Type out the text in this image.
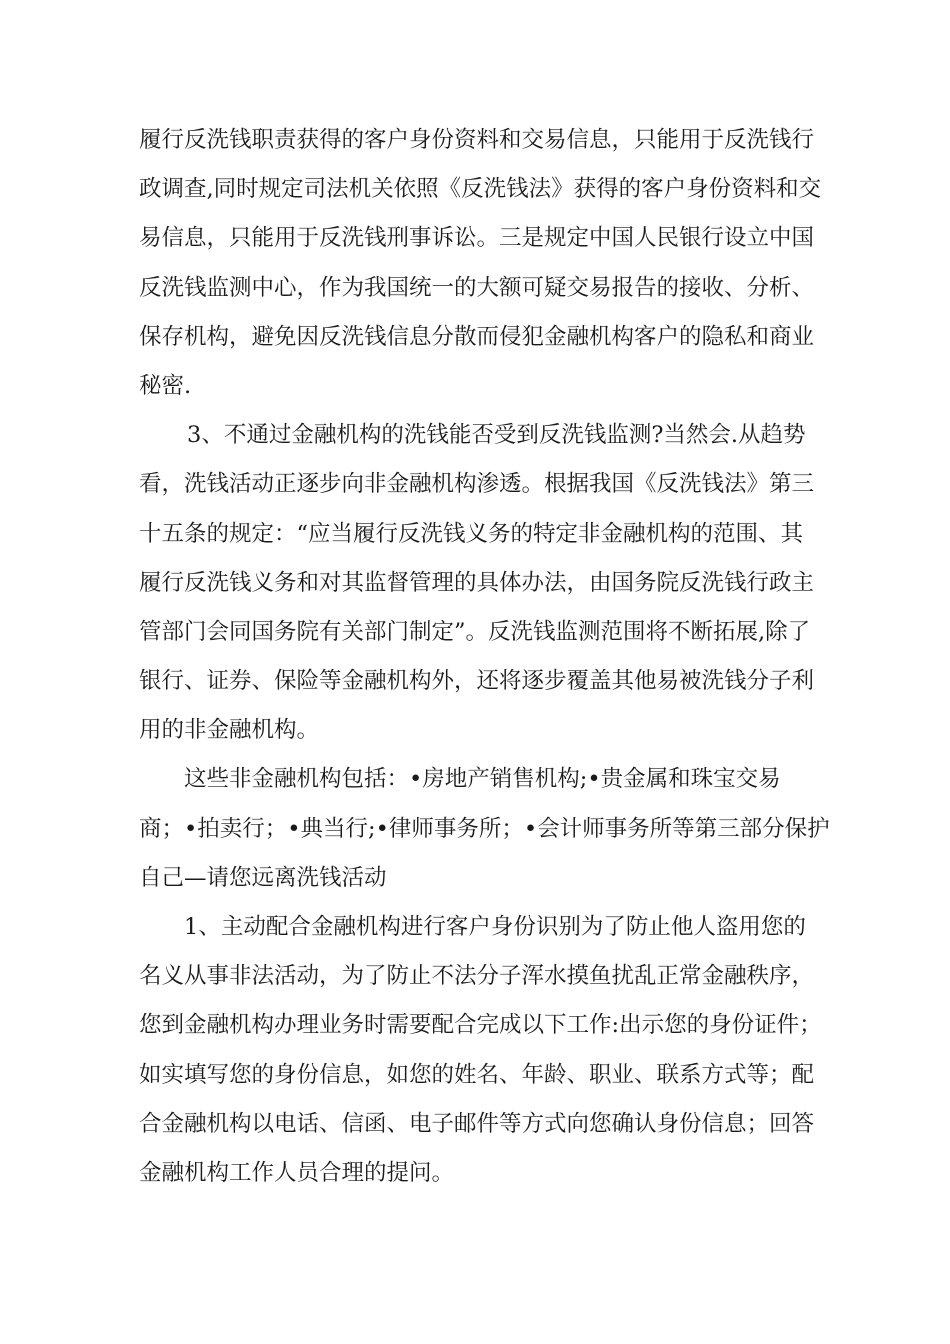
履行反洗钱职责获得的客户身份资料和交易信息，只能用于反洗钱行
政调查,同时规定司法机关依照《反洗钱法》获得的客户身份资料和交
易信息，只能用于反洗钱刑事诉讼。三是规定中国人民银行设立中国
反洗钱监测中心，作为我国统一的大额可疑交易报告的接收、分析、
保存机构，避免因反洗钱信息分散而侵犯金融机构客户的隐私和商业
秘密.
3、不通过金融机构的洗钱能否受到反洗钱监测?当然会.从趋势
看，洗钱活动正逐步向非金融机构渗透。根据我国《反洗钱法》第三
十五条的规定：“应当履行反洗钱义务的特定非金融机构的范围、其
履行反洗钱义务和对其监督管理的具体办法，由国务院反洗钱行政主
管部门会同国务院有关部门制定”。反洗钱监测范围将不断拓展,除了
银行、证券、保险等金融机构外，还将逐步覆盖其他易被洗钱分子利
用的非金融机构。
这些非金融机构包括：•房地产销售机构;•贵金属和珠宝交易
商；•拍卖行；•典当行;•律师事务所；•会计师事务所等第三部分保护
自己—请您远离洗钱活动
1、主动配合金融机构进行客户身份识别为了防止他人盗用您的
名义从事非法活动，为了防止不法分子浑水摸鱼扰乱正常金融秩序，
您到金融机构办理业务时需要配合完成以下工作:出示您的身份证件；
如实填写您的身份信息，如您的姓名、年龄、职业、联系方式等；配
合金融机构以电话、信函、电子邮件等方式向您确认身份信息；回答
金融机构工作人员合理的提问。
